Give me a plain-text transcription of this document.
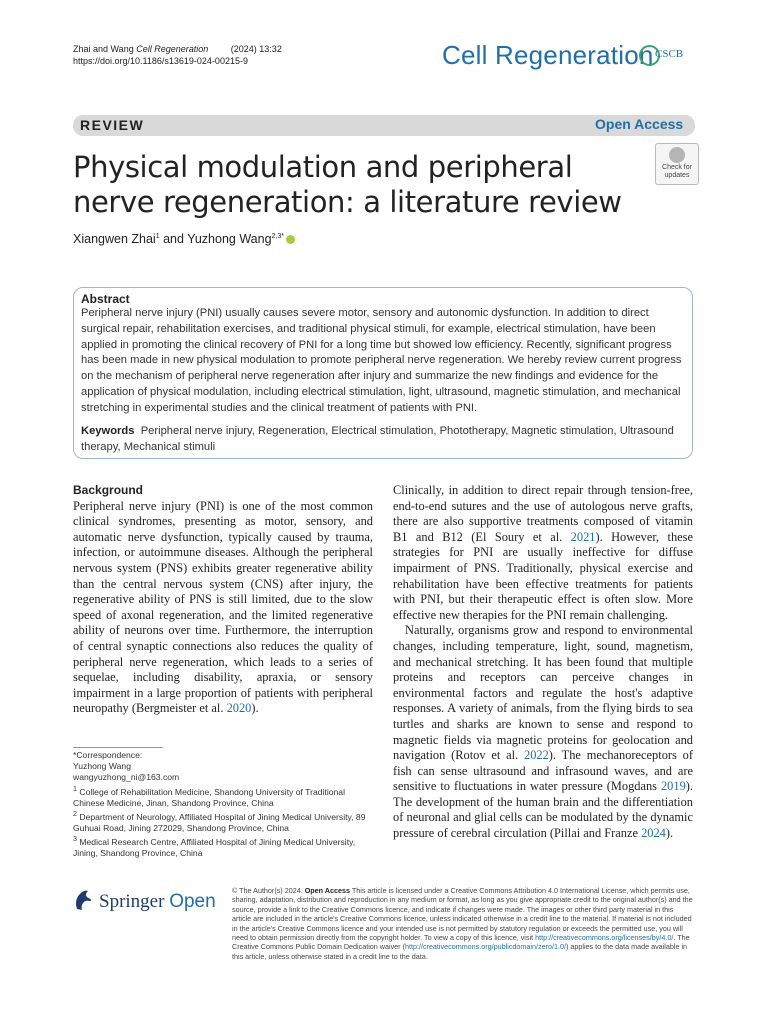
Zhai and Wang Cell Regeneration	(2024) 13:32
https://doi.org/10.1186/s13619-024-00215-9	Cell Regeneration CSCB
REVIEW	Open Access
Physical modulation and peripheral nerve regeneration: a literature review
Check for updates
Xiangwen Zhai$^1$ and Yuzhong Wang$^{2,3*}$
Abstract
Peripheral nerve injury (PNI) usually causes severe motor, sensory and autonomic dysfunction. In addition to direct surgical repair, rehabilitation exercises, and traditional physical stimuli, for example, electrical stimulation, have been applied in promoting the clinical recovery of PNI for a long time but showed low efficiency. Recently, significant progress has been made in new physical modulation to promote peripheral nerve regeneration. We hereby review current progress on the mechanism of peripheral nerve regeneration after injury and summarize the new findings and evidence for the application of physical modulation, including electrical stimulation, light, ultrasound, magnetic stimulation, and mechanical stretching in experimental studies and the clinical treatment of patients with PNI.
Keywords Peripheral nerve injury, Regeneration, Electrical stimulation, Phototherapy, Magnetic stimulation, Ultrasound therapy, Mechanical stimuli
Background
Peripheral nerve injury (PNI) is one of the most common clinical syndromes, presenting as motor, sensory, and automatic nerve dysfunction, typically caused by trauma, infection, or autoimmune diseases. Although the peripheral nervous system (PNS) exhibits greater regenerative ability than the central nervous system (CNS) after injury, the regenerative ability of PNS is still limited, due to the slow speed of axonal regeneration, and the limited regenerative ability of neurons over time. Furthermore, the interruption of central synaptic connections also reduces the quality of peripheral nerve regeneration, which leads to a series of sequelae, including disability, apraxia, or sensory impairment in a large proportion of patients with peripheral neuropathy (Bergmeister et al. 2020).
Clinically, in addition to direct repair through tension-free, end-to-end sutures and the use of autologous nerve grafts, there are also supportive treatments composed of vitamin B1 and B12 (El Soury et al. 2021). However, these strategies for PNI are usually ineffective for diffuse impairment of PNS. Traditionally, physical exercise and rehabilitation have been effective treatments for patients with PNI, but their therapeutic effect is often slow. More effective new therapies for the PNI remain challenging.
Naturally, organisms grow and respond to environmental changes, including temperature, light, sound, magnetism, and mechanical stretching. It has been found that multiple proteins and receptors can perceive changes in environmental factors and regulate the host's adaptive responses. A variety of animals, from the flying birds to sea turtles and sharks are known to sense and respond to magnetic fields via magnetic proteins for geolocation and navigation (Rotov et al. 2022). The mechanoreceptors of fish can sense ultrasound and infrasound waves, and are sensitive to fluctuations in water pressure (Mogdans 2019). The development of the human brain and the differentiation of neuronal and glial cells can be modulated by the dynamic pressure of cerebral circulation (Pillai and Franze 2024).
*Correspondence:
Yuzhong Wang
wangyuzhong_ni@163.com
$^1$ College of Rehabilitation Medicine, Shandong University of Traditional Chinese Medicine, Jinan, Shandong Province, China
$^2$ Department of Neurology, Affiliated Hospital of Jining Medical University, 89 Guhuai Road, Jining 272029, Shandong Province, China
$^3$ Medical Research Centre, Affiliated Hospital of Jining Medical University, Jining, Shandong Province, China
Springer Open
© The Author(s) 2024. Open Access This article is licensed under a Creative Commons Attribution 4.0 International License, which permits use, sharing, adaptation, distribution and reproduction in any medium or format, as long as you give appropriate credit to the original author(s) and the source, provide a link to the Creative Commons licence, and indicate if changes were made. The images or other third party material in this article are included in the article's Creative Commons licence, unless indicated otherwise in a credit line to the material. If material is not included in the article's Creative Commons licence and your intended use is not permitted by statutory regulation or exceeds the permitted use, you will need to obtain permission directly from the copyright holder. To view a copy of this licence, visit http://creativecommons.org/licenses/by/4.0/. The Creative Commons Public Domain Dedication waiver (http://creativecommons.org/publicdomain/zero/1.0/) applies to the data made available in this article, unless otherwise stated in a credit line to the data.
